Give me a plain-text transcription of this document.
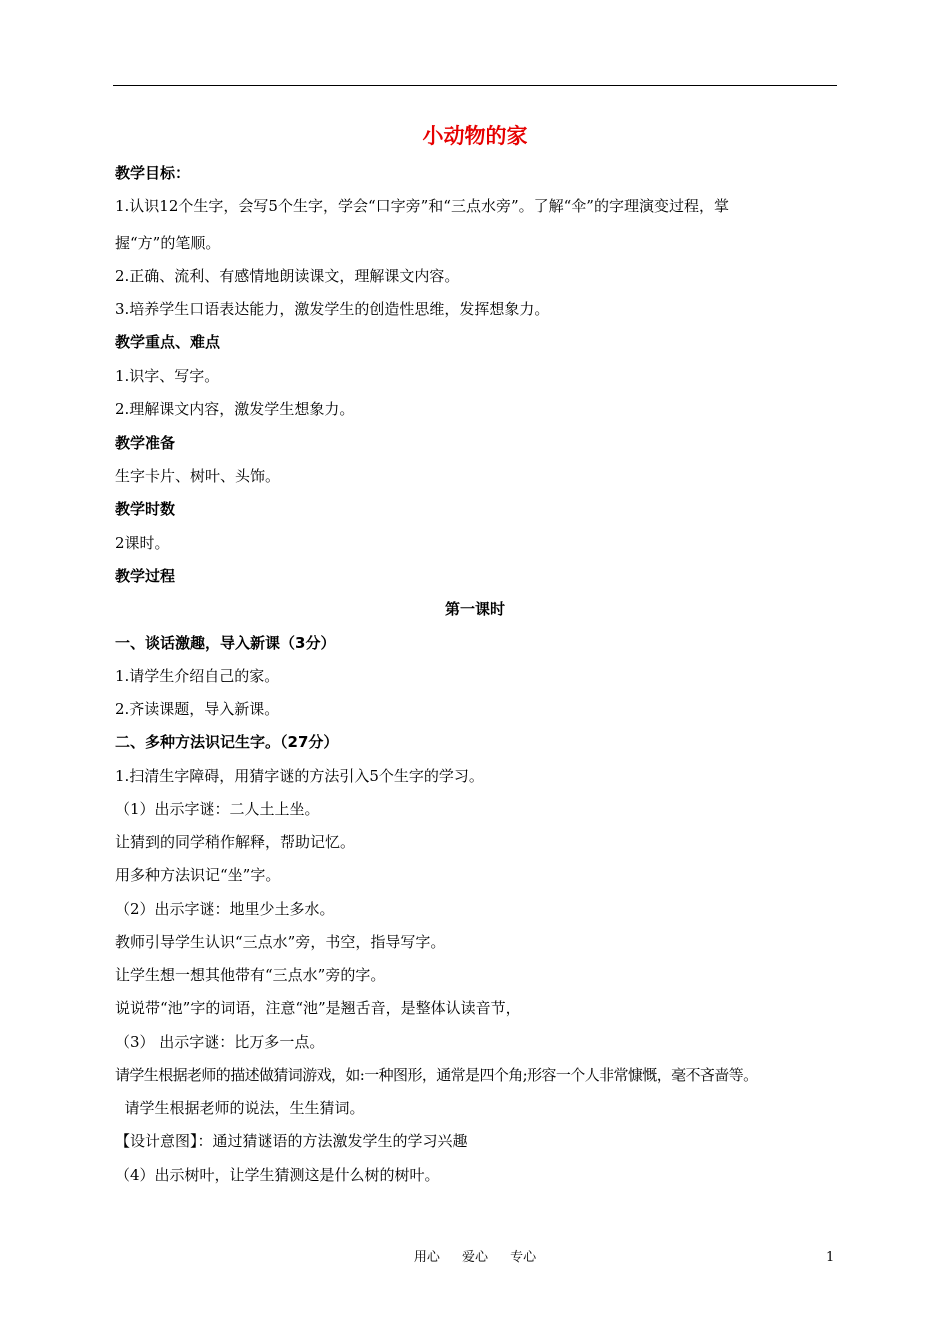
小动物的家
教学目标：
1.认识12个生字，会写5个生字，学会“口字旁”和“三点水旁”。了解“伞”的字理演变过程，掌
握“方”的笔顺。
2.正确、流利、有感情地朗读课文，理解课文内容。
3.培养学生口语表达能力，激发学生的创造性思维，发挥想象力。
教学重点、难点
1.识字、写字。
2.理解课文内容，激发学生想象力。
教学准备
生字卡片、树叶、头饰。
教学时数
2课时。
教学过程
第一课时
一、谈话激趣，导入新课（3分）
1.请学生介绍自己的家。
2.齐读课题，导入新课。
二、多种方法识记生字。（27分）
1.扫清生字障碍，用猜字谜的方法引入5个生字的学习。
（1）出示字谜：二人土上坐。
让猜到的同学稍作解释，帮助记忆。
用多种方法识记“坐”字。
（2）出示字谜：地里少土多水。
教师引导学生认识“三点水”旁，书空，指导写字。
让学生想一想其他带有“三点水”旁的字。
说说带“池”字的词语，注意“池”是翘舌音，是整体认读音节，
（3） 出示字谜：比万多一点。
请学生根据老师的描述做猜词游戏，如:一种图形，通常是四个角;形容一个人非常慷慨，毫不吝啬等。
请学生根据老师的说法，生生猜词。
【设计意图】：通过猜谜语的方法激发学生的学习兴趣
（4）出示树叶，让学生猜测这是什么树的树叶。
用心 爱心 专心	1
